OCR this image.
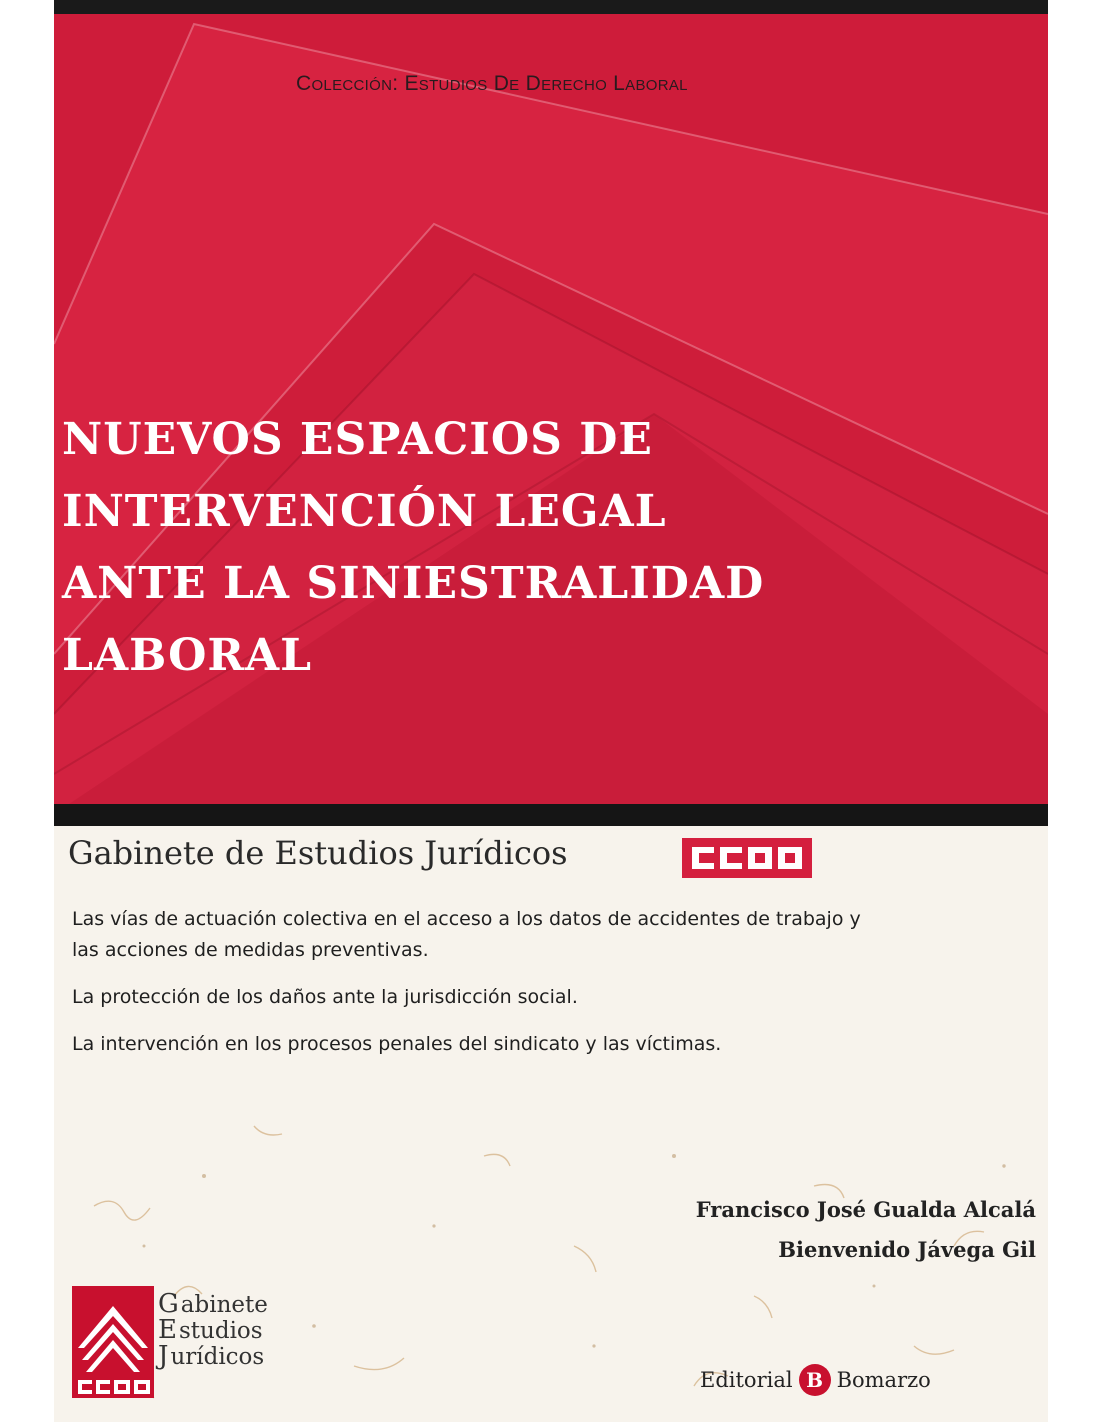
Colección: Estudios De Derecho Laboral
NUEVOS ESPACIOS DE
INTERVENCIÓN LEGAL
ANTE LA SINIESTRALIDAD
LABORAL
Gabinete de Estudios Jurídicos

Las vías de actuación colectiva en el acceso a los datos de accidentes de trabajo y las acciones de medidas preventivas.

La protección de los daños ante la jurisdicción social.

La intervención en los procesos penales del sindicato y las víctimas.

Francisco José Gualda Alcalá
Bienvenido Jávega Gil
Gabinete
Estudios
Jurídicos
Editorial B Bomarzo
